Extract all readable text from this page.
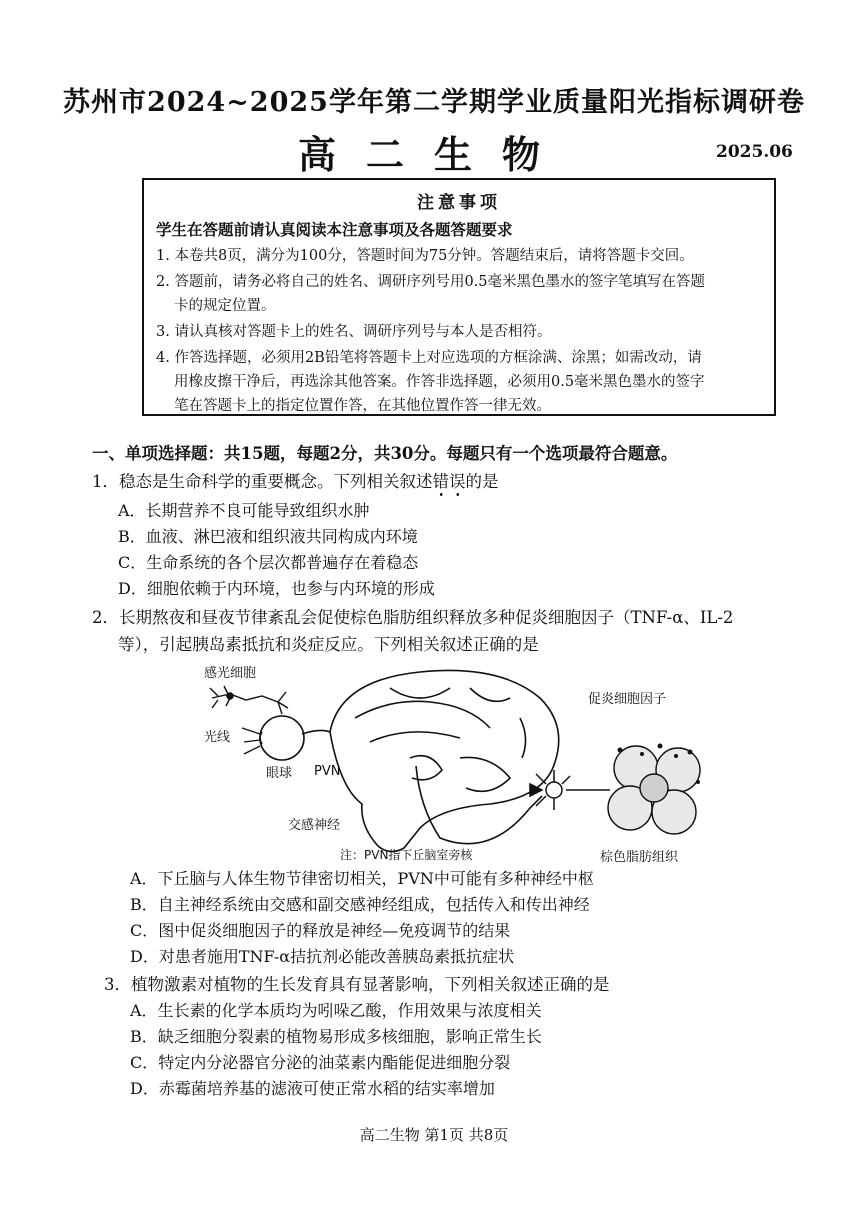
苏州市2024~2025学年第二学期学业质量阳光指标调研卷
高二生物	2025.06
注意事项
学生在答题前请认真阅读本注意事项及各题答题要求
1. 本卷共8页，满分为100分，答题时间为75分钟。答题结束后，请将答题卡交回。
2. 答题前，请务必将自己的姓名、调研序列号用0.5毫米黑色墨水的签字笔填写在答题
卡的规定位置。
3. 请认真核对答题卡上的姓名、调研序列号与本人是否相符。
4. 作答选择题，必须用2B铅笔将答题卡上对应选项的方框涂满、涂黑；如需改动，请
用橡皮擦干净后，再选涂其他答案。作答非选择题，必须用0.5毫米黑色墨水的签字
笔在答题卡上的指定位置作答，在其他位置作答一律无效。
一、单项选择题：共15题，每题2分，共30分。每题只有一个选项最符合题意。
1．稳态是生命科学的重要概念。下列相关叙述错误的是
A．长期营养不良可能导致组织水肿
B．血液、淋巴液和组织液共同构成内环境
C．生命系统的各个层次都普遍存在着稳态
D．细胞依赖于内环境，也参与内环境的形成
2．长期熬夜和昼夜节律紊乱会促使棕色脂肪组织释放多种促炎细胞因子（TNF-α、IL-2
等），引起胰岛素抵抗和炎症反应。下列相关叙述正确的是
感光细胞
光线
眼球 PVN
交感神经
促炎细胞因子
注：PVN指下丘脑室旁核	棕色脂肪组织
A．下丘脑与人体生物节律密切相关，PVN中可能有多种神经中枢
B．自主神经系统由交感和副交感神经组成，包括传入和传出神经
C．图中促炎细胞因子的释放是神经—免疫调节的结果
D．对患者施用TNF-α拮抗剂必能改善胰岛素抵抗症状
3．植物激素对植物的生长发育具有显著影响，下列相关叙述正确的是
A．生长素的化学本质均为吲哚乙酸，作用效果与浓度相关
B．缺乏细胞分裂素的植物易形成多核细胞，影响正常生长
C．特定内分泌器官分泌的油菜素内酯能促进细胞分裂
D．赤霉菌培养基的滤液可使正常水稻的结实率增加
高二生物 第1页 共8页
